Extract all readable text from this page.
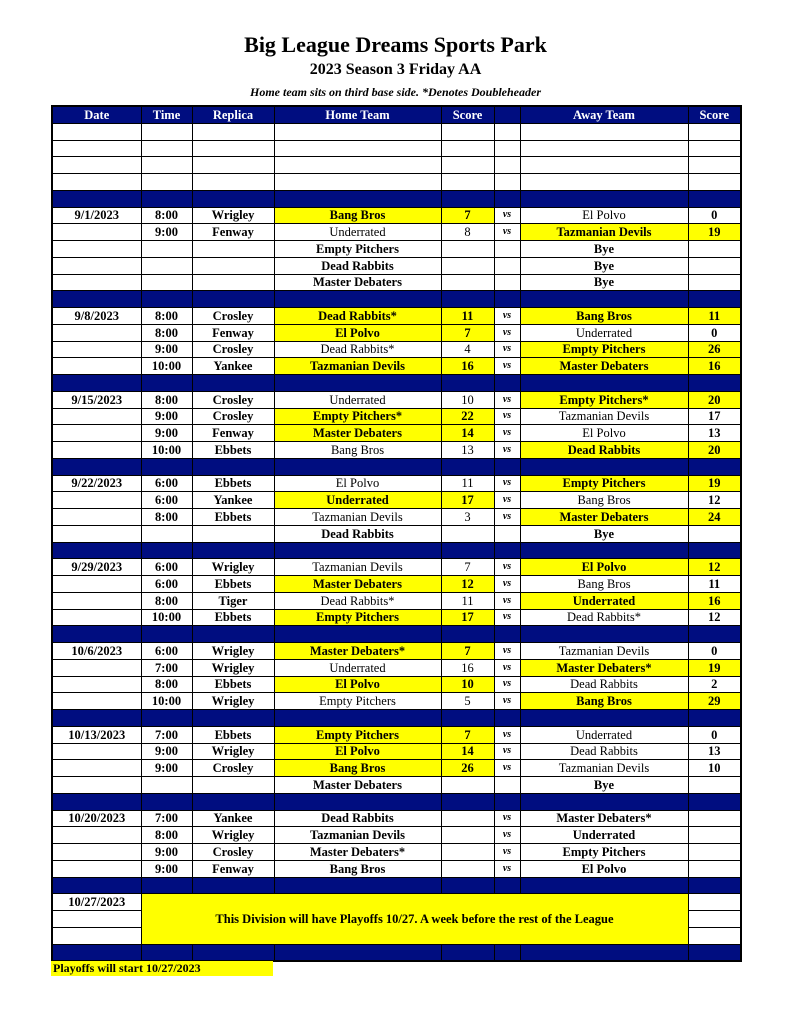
Big League Dreams Sports Park
2023 Season 3 Friday AA
Home team sits on third base side. *Denotes Doubleheader
Date	Time	Replica	Home Team	Score		Away Team	Score

9/1/2023	8:00	Wrigley	Bang Bros	7	vs	El Polvo	0
	9:00	Fenway	Underrated	8	vs	Tazmanian Devils	19
			Empty Pitchers			Bye	
			Dead Rabbits			Bye	
			Master Debaters			Bye	

9/8/2023	8:00	Crosley	Dead Rabbits*	11	vs	Bang Bros	11
	8:00	Fenway	El Polvo	7	vs	Underrated	0
	9:00	Crosley	Dead Rabbits*	4	vs	Empty Pitchers	26
	10:00	Yankee	Tazmanian Devils	16	vs	Master Debaters	16

9/15/2023	8:00	Crosley	Underrated	10	vs	Empty Pitchers*	20
	9:00	Crosley	Empty Pitchers*	22	vs	Tazmanian Devils	17
	9:00	Fenway	Master Debaters	14	vs	El Polvo	13
	10:00	Ebbets	Bang Bros	13	vs	Dead Rabbits	20

9/22/2023	6:00	Ebbets	El Polvo	11	vs	Empty Pitchers	19
	6:00	Yankee	Underrated	17	vs	Bang Bros	12
	8:00	Ebbets	Tazmanian Devils	3	vs	Master Debaters	24
			Dead Rabbits			Bye	

9/29/2023	6:00	Wrigley	Tazmanian Devils	7	vs	El Polvo	12
	6:00	Ebbets	Master Debaters	12	vs	Bang Bros	11
	8:00	Tiger	Dead Rabbits*	11	vs	Underrated	16
	10:00	Ebbets	Empty Pitchers	17	vs	Dead Rabbits*	12

10/6/2023	6:00	Wrigley	Master Debaters*	7	vs	Tazmanian Devils	0
	7:00	Wrigley	Underrated	16	vs	Master Debaters*	19
	8:00	Ebbets	El Polvo	10	vs	Dead Rabbits	2
	10:00	Wrigley	Empty Pitchers	5	vs	Bang Bros	29

10/13/2023	7:00	Ebbets	Empty Pitchers	7	vs	Underrated	0
	9:00	Wrigley	El Polvo	14	vs	Dead Rabbits	13
	9:00	Crosley	Bang Bros	26	vs	Tazmanian Devils	10
			Master Debaters			Bye	

10/20/2023	7:00	Yankee	Dead Rabbits		vs	Master Debaters*	
	8:00	Wrigley	Tazmanian Devils		vs	Underrated	
	9:00	Crosley	Master Debaters*		vs	Empty Pitchers	
	9:00	Fenway	Bang Bros		vs	El Polvo	

10/27/2023	This Division will have Playoffs 10/27. A week before the rest of the League						

Playoffs will start 10/27/2023
